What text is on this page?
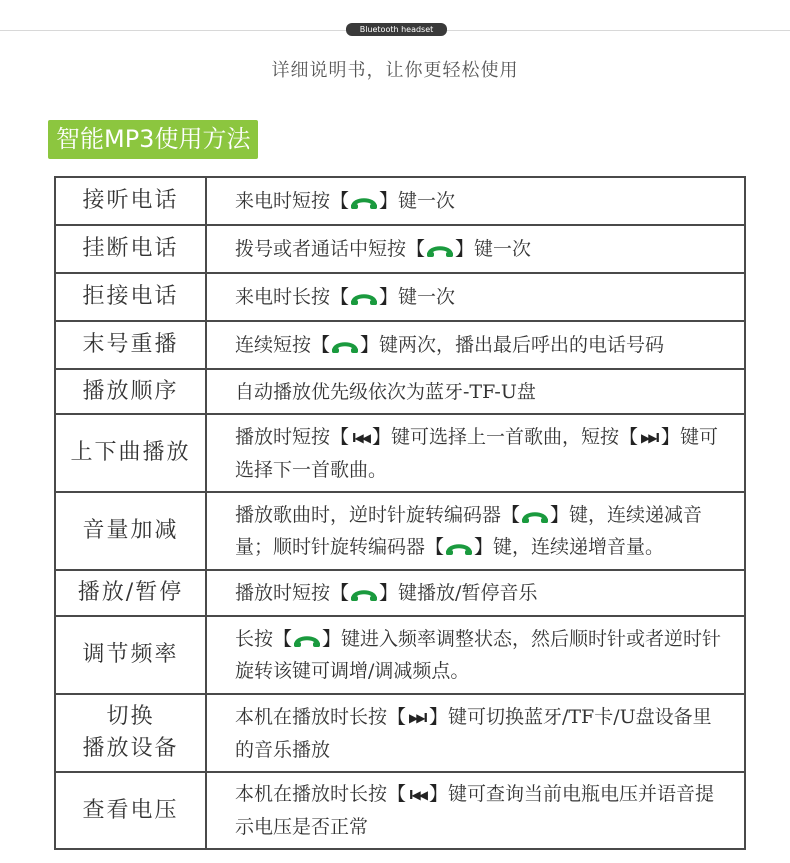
Bluetooth headset
详细说明书，让你更轻松使用
智能MP3使用方法
接听电话	来电时短按【 】键一次
挂断电话	拨号或者通话中短按【 】键一次
拒接电话	来电时长按【 】键一次
末号重播	连续短按【 】键两次，播出最后呼出的电话号码
播放顺序	自动播放优先级依次为蓝牙-TF-U盘
上下曲播放	播放时短按【 I◀◀ 】键可选择上一首歌曲，短按【 ▶▶I 】键可选择下一首歌曲。
音量加减	播放歌曲时，逆时针旋转编码器【 】键，连续递减音量；顺时针旋转编码器【 】键，连续递增音量。
播放/暂停	播放时短按【 】键播放/暂停音乐
调节频率	长按【 】键进入频率调整状态，然后顺时针或者逆时针旋转该键可调增/调减频点。

切换
播放设备	本机在播放时长按【 ▶▶I 】键可切换蓝牙/TF卡/U盘设备里的音乐播放
查看电压	本机在播放时长按【 I◀◀ 】键可查询当前电瓶电压并语音提示电压是否正常
